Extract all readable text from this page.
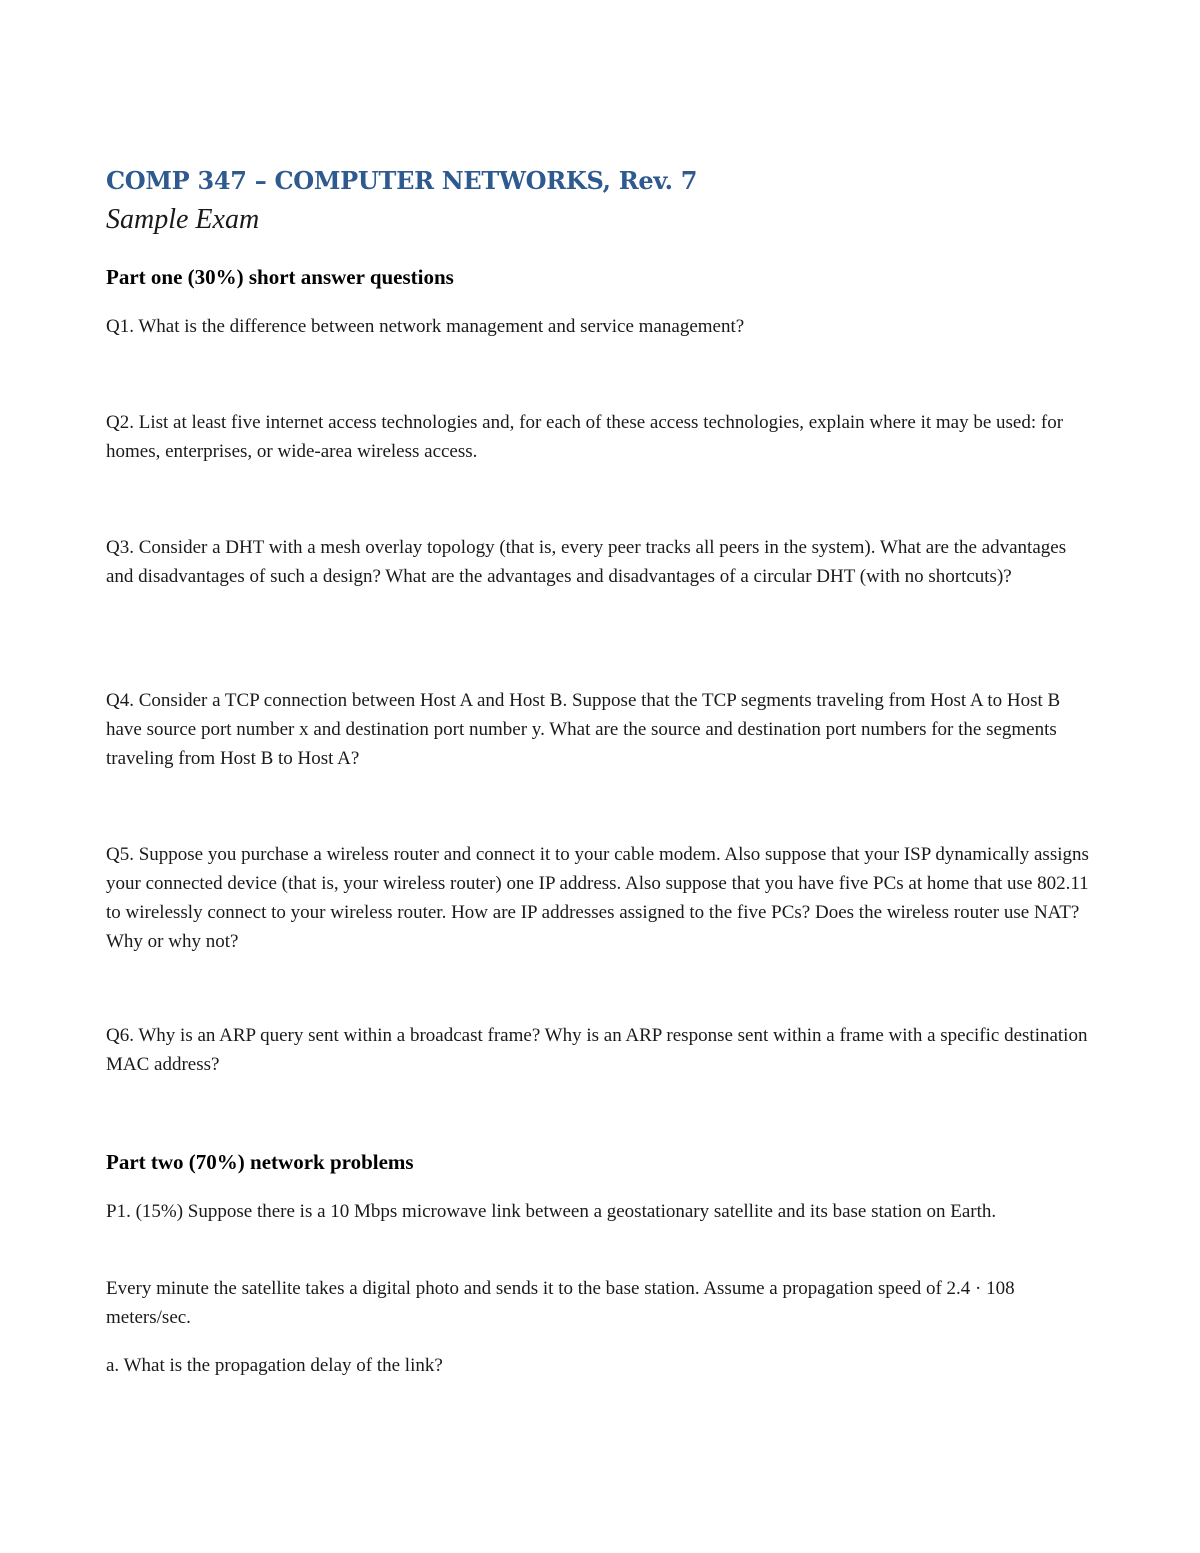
COMP 347 – COMPUTER NETWORKS, Rev. 7
Sample Exam
Part one (30%) short answer questions
Q1. What is the difference between network management and service management?
Q2. List at least five internet access technologies and, for each of these access technologies, explain where it may be used: for homes, enterprises, or wide-area wireless access.
Q3. Consider a DHT with a mesh overlay topology (that is, every peer tracks all peers in the system). What are the advantages and disadvantages of such a design? What are the advantages and disadvantages of a circular DHT (with no shortcuts)?
Q4. Consider a TCP connection between Host A and Host B. Suppose that the TCP segments traveling from Host A to Host B have source port number x and destination port number y. What are the source and destination port numbers for the segments traveling from Host B to Host A?
Q5. Suppose you purchase a wireless router and connect it to your cable modem. Also suppose that your ISP dynamically assigns your connected device (that is, your wireless router) one IP address. Also suppose that you have five PCs at home that use 802.11 to wirelessly connect to your wireless router. How are IP addresses assigned to the five PCs? Does the wireless router use NAT? Why or why not?
Q6. Why is an ARP query sent within a broadcast frame? Why is an ARP response sent within a frame with a specific destination MAC address?
Part two (70%) network problems
P1. (15%) Suppose there is a 10 Mbps microwave link between a geostationary satellite and its base station on Earth.
Every minute the satellite takes a digital photo and sends it to the base station. Assume a propagation speed of 2.4 · 108 meters/sec.
a. What is the propagation delay of the link?
